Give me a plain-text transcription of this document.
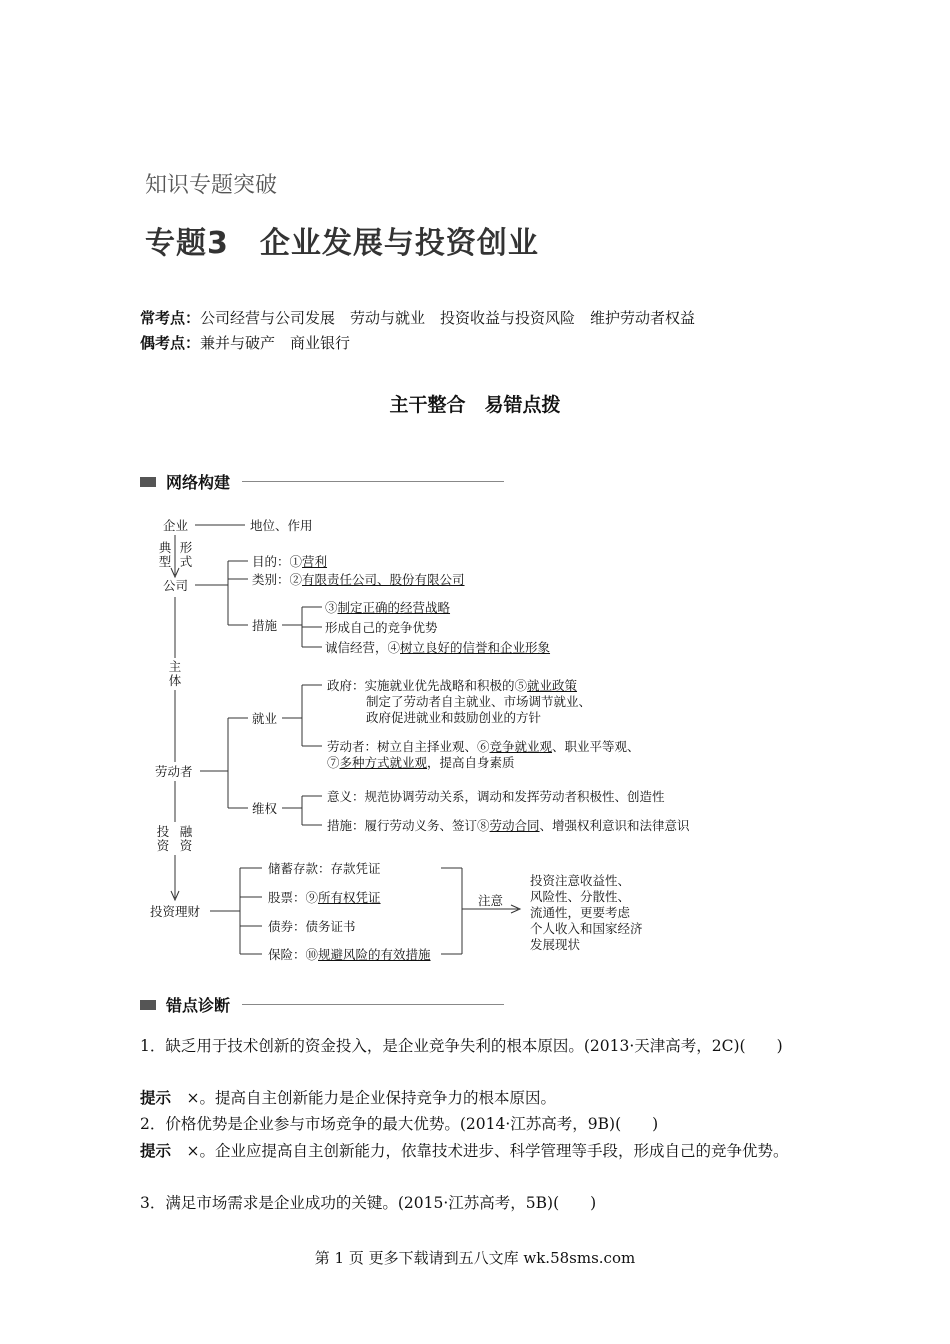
知识专题突破
专题3　企业发展与投资创业
常考点：公司经营与公司发展　劳动与就业　投资收益与投资风险　维护劳动者权益
偶考点：兼并与破产　商业银行
主干整合　易错点拨
网络构建
企业	地位、作用
典
型
形
式
公司
目的：①营利
类别：②有限责任公司、股份有限公司
措施
③制定正确的经营战略
形成自己的竞争优势
诚信经营，④树立良好的信誉和企业形象
主
体
就业
政府：实施就业优先战略和积极的⑤就业政策
制定了劳动者自主就业、市场调节就业、
政府促进就业和鼓励创业的方针
劳动者：树立自主择业观、⑥竞争就业观、职业平等观、
⑦多种方式就业观，提高自身素质
劳动者
维权
意义：规范协调劳动关系，调动和发挥劳动者积极性、创造性
措施：履行劳动义务、签订⑧劳动合同、增强权利意识和法律意识
投
资
融
资
投资理财
储蓄存款：存款凭证
股票：⑨所有权凭证
债券：债务证书
保险：⑩规避风险的有效措施
注意
投资注意收益性、
风险性、分散性、
流通性，更要考虑
个人收入和国家经济
发展现状
错点诊断
1．缺乏用于技术创新的资金投入，是企业竞争失利的根本原因。(2013·天津高考，2C)(　　)
提示　×。提高自主创新能力是企业保持竞争力的根本原因。
2．价格优势是企业参与市场竞争的最大优势。(2014·江苏高考，9B)(　　)
提示　×。企业应提高自主创新能力，依靠技术进步、科学管理等手段，形成自己的竞争优势。
3．满足市场需求是企业成功的关键。(2015·江苏高考，5B)(　　)
第 1 页 更多下载请到五八文库 wk.58sms.com
